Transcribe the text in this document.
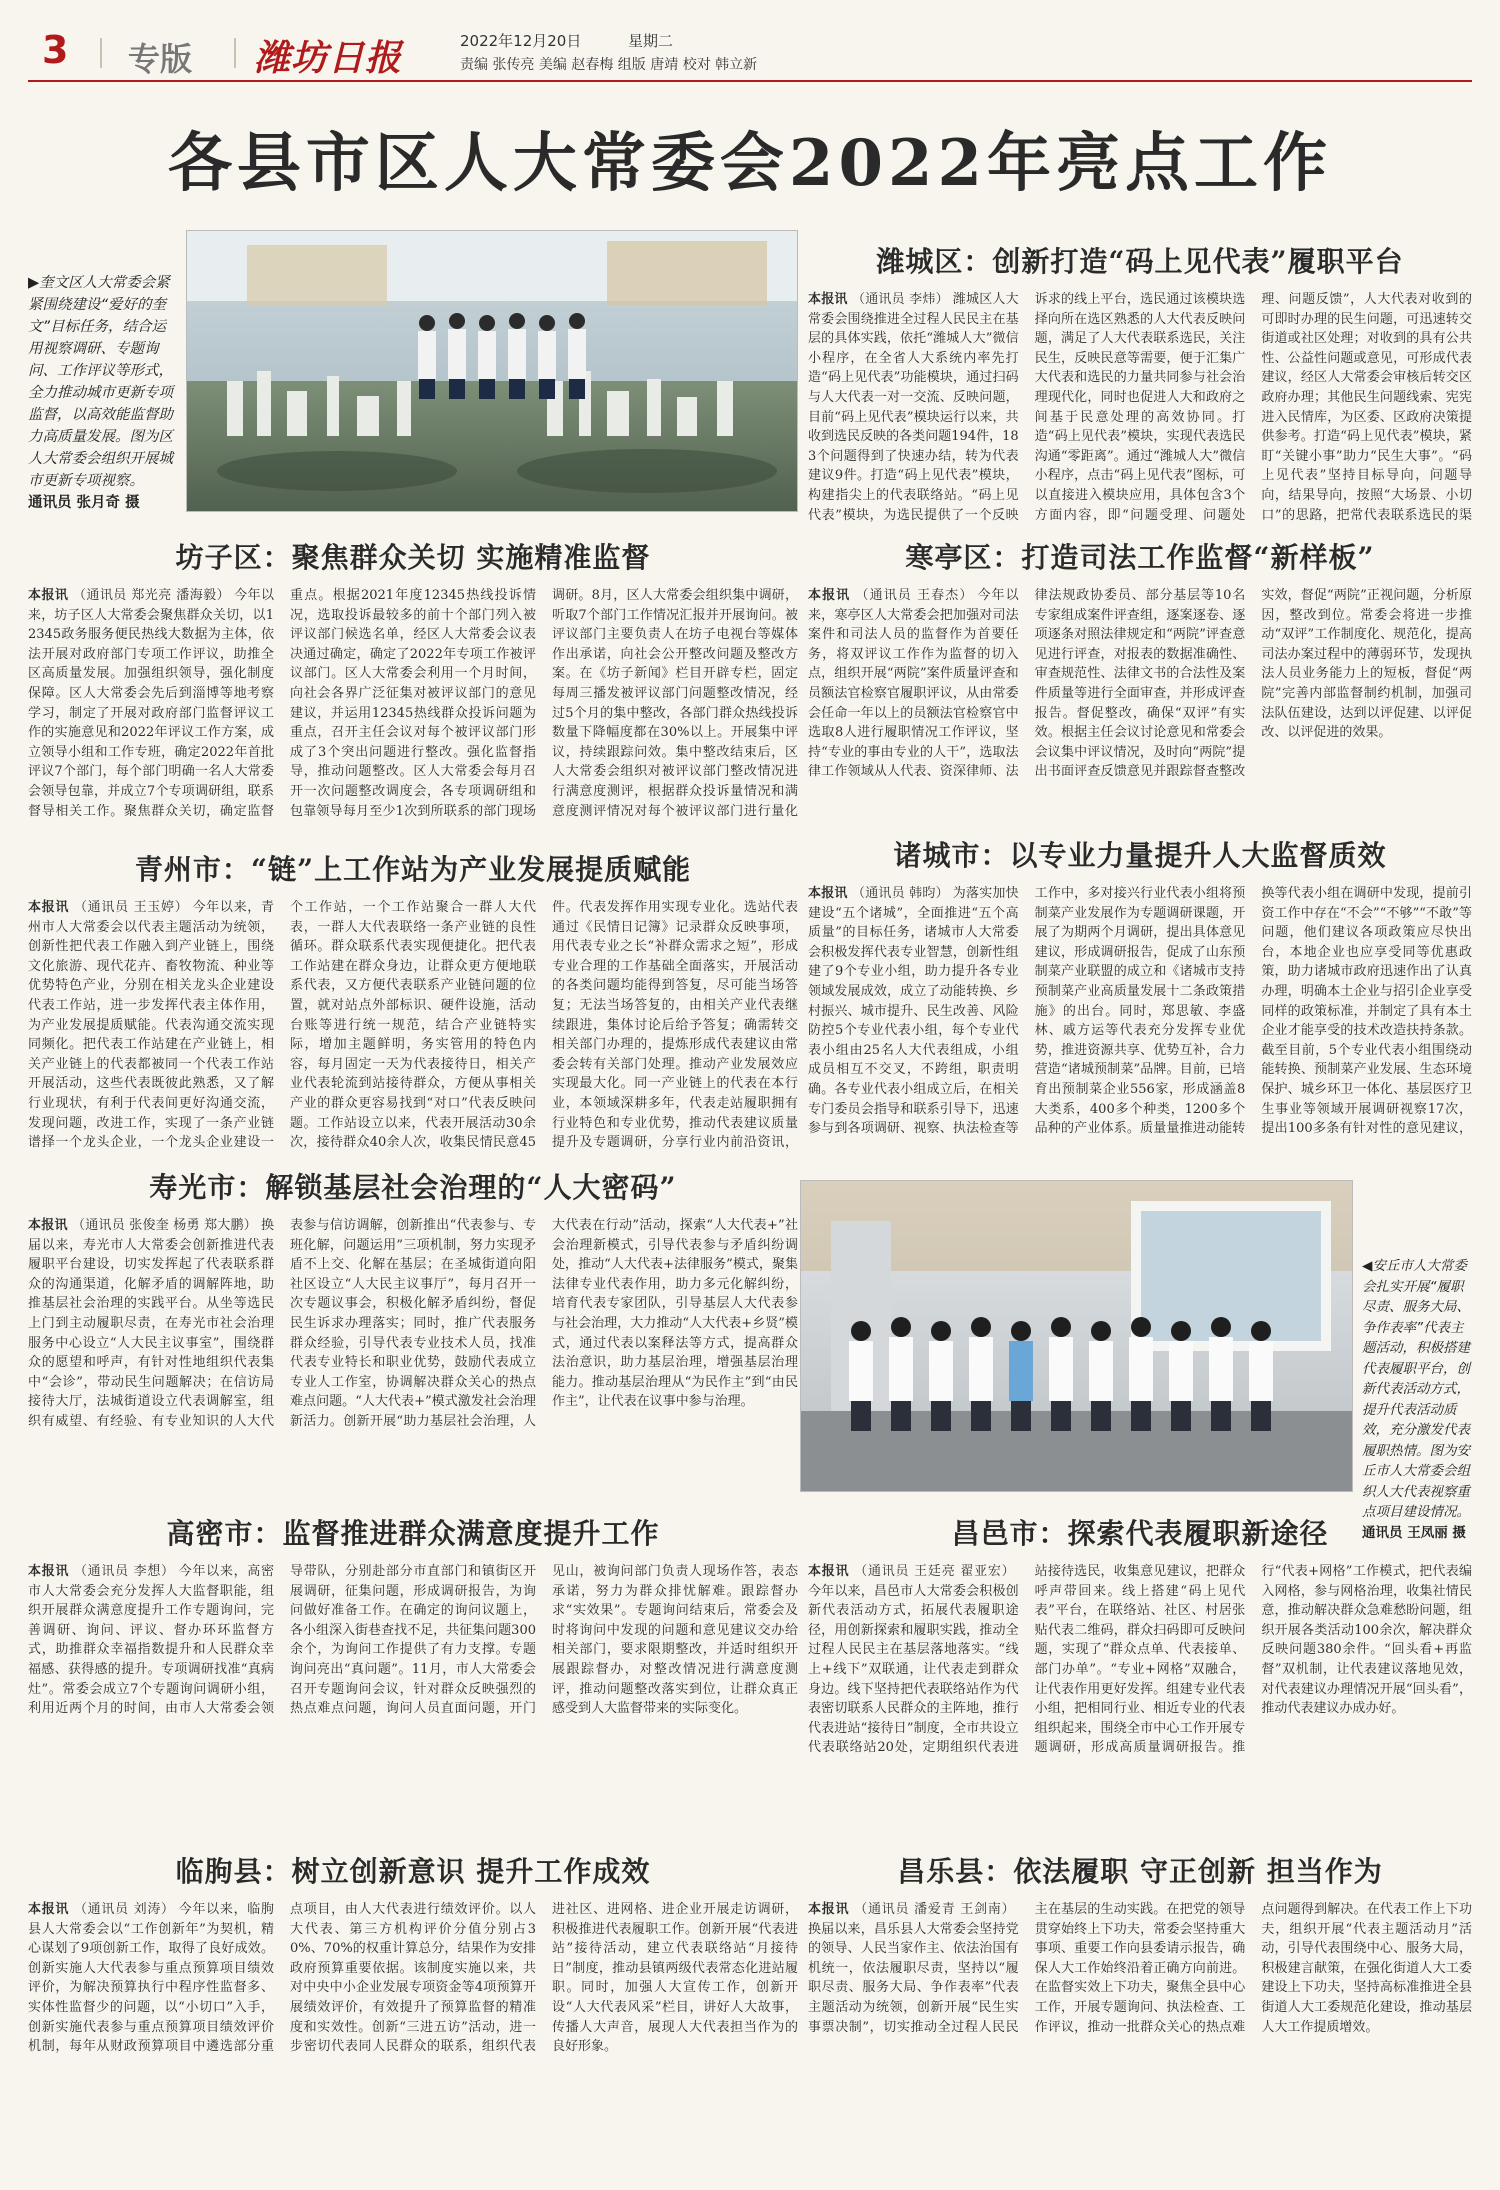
3 专版 潍坊日报	2022年12月20日	星期二
责编 张传亮 美编 赵春梅 组版 唐靖 校对 韩立新
各县市区人大常委会2022年亮点工作
▶奎文区人大常委会紧紧围绕建设“爱好的奎文”目标任务，结合运用视察调研、专题询问、工作评议等形式，全力推动城市更新专项监督，以高效能监督助力高质量发展。图为区人大常委会组织开展城市更新专项视察。
通讯员 张月奇 摄
潍城区：创新打造“码上见代表”履职平台
本报讯 （通讯员 李炜） 潍城区人大常委会围绕推进全过程人民民主在基层的具体实践，依托“潍城人大”微信小程序，在全省人大系统内率先打造“码上见代表”功能模块，通过扫码与人大代表一对一交流、反映问题，目前“码上见代表”模块运行以来，共收到选民反映的各类问题194件，183个问题得到了快速办结，转为代表建议9件。打造“码上见代表”模块，构建指尖上的代表联络站。“码上见代表”模块，为选民提供了一个反映诉求的线上平台，选民通过该模块选择向所在选区熟悉的人大代表反映问题，满足了人大代表联系选民，关注民生，反映民意等需要，便于汇集广大代表和选民的力量共同参与社会治理现代化，同时也促进人大和政府之间基于民意处理的高效协同。打造“码上见代表”模块，实现代表选民沟通“零距离”。通过“潍城人大”微信小程序，点击“码上见代表”图标，可以直接进入模块应用，具体包含3个方面内容，即“问题受理、问题处理、问题反馈”，人大代表对收到的可即时办理的民生问题，可迅速转交街道或社区处理；对收到的具有公共性、公益性问题或意见，可形成代表建议，经区人大常委会审核后转交区政府办理；其他民生问题线索、宪宪进入民情库，为区委、区政府决策提供参考。打造“码上见代表”模块，紧盯“关键小事”助力“民生大事”。“码上见代表”坚持目标导向，问题导向，结果导向，按照“大场景、小切口”的思路，把常代表联系选民的渠
坊子区：聚焦群众关切 实施精准监督
本报讯 （通讯员 郑光亮 潘海毅） 今年以来，坊子区人大常委会聚焦群众关切，以12345政务服务便民热线大数据为主体，依法开展对政府部门专项工作评议，助推全区高质量发展。加强组织领导，强化制度保障。区人大常委会先后到淄博等地考察学习，制定了开展对政府部门监督评议工作的实施意见和2022年评议工作方案，成立领导小组和工作专班，确定2022年首批评议7个部门，每个部门明确一名人大常委会领导包靠，并成立7个专项调研组，联系督导相关工作。聚焦群众关切，确定监督重点。根据2021年度12345热线投诉情况，选取投诉最较多的前十个部门列入被评议部门候选名单，经区人大常委会议表决通过确定，确定了2022年专项工作被评议部门。区人大常委会利用一个月时间，向社会各界广泛征集对被评议部门的意见建议，并运用12345热线群众投诉问题为重点，召开主任会议对每个被评议部门形成了3个突出问题进行整改。强化监督指导，推动问题整改。区人大常委会每月召开一次问题整改调度会，各专项调研组和包靠领导每月至少1次到所联系的部门现场调研。8月，区人大常委会组织集中调研，听取7个部门工作情况汇报并开展询问。被评议部门主要负责人在坊子电视台等媒体作出承诺，向社会公开整改问题及整改方案。在《坊子新闻》栏目开辟专栏，固定每周三播发被评议部门问题整改情况，经过5个月的集中整改，各部门群众热线投诉数量下降幅度都在30%以上。开展集中评议，持续跟踪问效。集中整改结束后，区人大常委会组织对被评议部门整改情况进行满意度测评，根据群众投诉量情况和满意度测评情况对每个被评议部门进行量化
寒亭区：打造司法工作监督“新样板”
本报讯 （通讯员 王春杰） 今年以来，寒亭区人大常委会把加强对司法案件和司法人员的监督作为首要任务，将双评议工作作为监督的切入点，组织开展“两院”案件质量评查和员额法官检察官履职评议，从由常委会任命一年以上的员额法官检察官中选取8人进行履职情况工作评议，坚持“专业的事由专业的人干”，选取法律工作领域从人代表、资深律师、法律法规政协委员、部分基层等10名专家组成案件评查组，逐案逐卷、逐项逐条对照法律规定和“两院”评查意见进行评查，对报表的数据准确性、审查规范性、法律文书的合法性及案件质量等进行全面审查，并形成评查报告。督促整改，确保“双评”有实效。根据主任会议讨论意见和常委会会议集中评议情况，及时向“两院”提出书面评查反馈意见并跟踪督查整改实效，督促“两院”正视问题，分析原因，整改到位。常委会将进一步推动“双评”工作制度化、规范化，提高司法办案过程中的薄弱环节，发现执法人员业务能力上的短板，督促“两院”完善内部监督制约机制，加强司法队伍建设，达到以评促建、以评促改、以评促进的效果。
青州市：“链”上工作站为产业发展提质赋能
本报讯 （通讯员 王玉婷） 今年以来，青州市人大常委会以代表主题活动为统领，创新性把代表工作融入到产业链上，围绕文化旅游、现代花卉、畜牧物流、种业等优势特色产业，分别在相关龙头企业建设代表工作站，进一步发挥代表主体作用，为产业发展提质赋能。代表沟通交流实现同频化。把代表工作站建在产业链上，相关产业链上的代表都被同一个代表工作站开展活动，这些代表既彼此熟悉，又了解行业现状，有利于代表间更好沟通交流，发现问题，改进工作，实现了一条产业链谱择一个龙头企业，一个龙头企业建设一个工作站，一个工作站聚合一群人大代表，一群人大代表联络一条产业链的良性循环。群众联系代表实现便捷化。把代表工作站建在群众身边，让群众更方便地联系代表，又方便代表联系产业链问题的位置，就对站点外部标识、硬件设施，活动台账等进行统一规范，结合产业链特实际，增加主题鲜明，务实管用的特色内容，每月固定一天为代表接待日，相关产业代表轮流到站接待群众，方便从事相关产业的群众更容易找到“对口”代表反映问题。工作站设立以来，代表开展活动30余次，接待群众40余人次，收集民情民意45件。代表发挥作用实现专业化。选站代表通过《民情日记簿》记录群众反映事项，用代表专业之长“补群众需求之短”，形成专业合理的工作基础全面落实，开展活动的各类问题均能得到答复，尽可能当场答复；无法当场答复的，由相关产业代表继续跟进，集体讨论后给予答复；确需转交相关部门办理的，提炼形成代表建议由常委会转有关部门处理。推动产业发展效应实现最大化。同一产业链上的代表在本行业，本领域深耕多年，代表走站履职拥有行业特色和专业优势，推动代表建议质量提升及专题调研，分享行业内前沿资讯，
诸城市：以专业力量提升人大监督质效
本报讯 （通讯员 韩昀） 为落实加快建设“五个诸城”，全面推进“五个高质量”的目标任务，诸城市人大常委会积极发挥代表专业智慧，创新性组建了9个专业小组，助力提升各专业领域发展成效，成立了动能转换、乡村振兴、城市提升、民生改善、风险防控5个专业代表小组，每个专业代表小组由25名人大代表组成，小组成员相互不交叉，不跨组，职责明确。各专业代表小组成立后，在相关专门委员会指导和联系引导下，迅速参与到各项调研、视察、执法检查等工作中，多对接兴行业代表小组将预制菜产业发展作为专题调研课题，开展了为期两个月调研，提出具体意见建议，形成调研报告，促成了山东预制菜产业联盟的成立和《诸城市支持预制菜产业高质量发展十二条政策措施》的出台。同时，郑思敏、李盛林、戚方运等代表充分发挥专业优势，推进资源共享、优势互补，合力营造“诸城预制菜”品牌。目前，已培育出预制菜企业556家，形成涵盖8大类系，400多个种类，1200多个品种的产业体系。质量量推进动能转换等代表小组在调研中发现，提前引资工作中存在“不会”“不够”“不敢”等问题，他们建议各项政策应尽快出台，本地企业也应享受同等优惠政策，助力诸城市政府迅速作出了认真办理，明确本土企业与招引企业享受同样的政策标准，并制定了具有本土企业才能享受的技术改造扶持条款。截至目前，5个专业代表小组围绕动能转换、预制菜产业发展、生态环境保护、城乡环卫一体化、基层医疗卫生事业等领域开展调研视察17次，提出100多条有针对性的意见建议，
寿光市：解锁基层社会治理的“人大密码”
本报讯 （通讯员 张俊奎 杨勇 郑大鹏） 换届以来，寿光市人大常委会创新推进代表履职平台建设，切实发挥起了代表联系群众的沟通渠道，化解矛盾的调解阵地，助推基层社会治理的实践平台。从坐等选民上门到主动履职尽责，在寿光市社会治理服务中心设立“人大民主议事室”，围绕群众的愿望和呼声，有针对性地组织代表集中“会诊”，带动民生问题解决；在信访局接待大厅，法城街道设立代表调解室，组织有威望、有经验、有专业知识的人大代表参与信访调解，创新推出“代表参与、专班化解，问题运用”三项机制，努力实现矛盾不上交、化解在基层；在圣城街道向阳社区设立“人大民主议事厅”，每月召开一次专题议事会，积极化解矛盾纠纷，督促民生诉求办理落实；同时，推广代表服务群众经验，引导代表专业技术人员，找准代表专业特长和职业优势，鼓励代表成立专业人工作室，协调解决群众关心的热点难点问题。“人大代表+”模式激发社会治理新活力。创新开展“助力基层社会治理，人大代表在行动”活动，探索“人大代表+”社会治理新模式，引导代表参与矛盾纠纷调处，推动“人大代表+法律服务”模式，聚集法律专业代表作用，助力多元化解纠纷，培育代表专家团队，引导基层人大代表参与社会治理，大力推动“人大代表+乡贤”模式，通过代表以案释法等方式，提高群众法治意识，助力基层治理，增强基层治理能力。推动基层治理从“为民作主”到“由民作主”，让代表在议事中参与治理。
◀安丘市人大常委会扎实开展“履职尽责、服务大局、争作表率”代表主题活动，积极搭建代表履职平台，创新代表活动方式，提升代表活动质效，充分激发代表履职热情。图为安丘市人大常委会组织人大代表视察重点项目建设情况。
通讯员 王凤丽 摄
高密市：监督推进群众满意度提升工作
本报讯 （通讯员 李想） 今年以来，高密市人大常委会充分发挥人大监督职能，组织开展群众满意度提升工作专题询问，完善调研、询问、评议、督办环环监督方式，助推群众幸福指数提升和人民群众幸福感、获得感的提升。专项调研找准“真病灶”。常委会成立7个专题询问调研小组，利用近两个月的时间，由市人大常委会领导带队，分别赴部分市直部门和镇街区开展调研，征集问题，形成调研报告，为询问做好准备工作。在确定的询问议题上，各小组深入街巷查找不足，共征集问题300余个，为询问工作提供了有力支撑。专题询问亮出“真问题”。11月，市人大常委会召开专题询问会议，针对群众反映强烈的热点难点问题，询问人员直面问题，开门见山，被询问部门负责人现场作答，表态承诺，努力为群众排忧解难。跟踪督办求“实效果”。专题询问结束后，常委会及时将询问中发现的问题和意见建议交办给相关部门，要求限期整改，并适时组织开展跟踪督办，对整改情况进行满意度测评，推动问题整改落实到位，让群众真正感受到人大监督带来的实际变化。
昌邑市：探索代表履职新途径
本报讯 （通讯员 王廷亮 翟亚宏）今年以来，昌邑市人大常委会积极创新代表活动方式，拓展代表履职途径，用创新探索和履职实践，推动全过程人民民主在基层落地落实。“线上+线下”双联通，让代表走到群众身边。线下坚持把代表联络站作为代表密切联系人民群众的主阵地，推行代表进站“接待日”制度，全市共设立代表联络站20处，定期组织代表进站接待选民，收集意见建议，把群众呼声带回来。线上搭建“码上见代表”平台，在联络站、社区、村居张贴代表二维码，群众扫码即可反映问题，实现了“群众点单、代表接单、部门办单”。“专业+网格”双融合，让代表作用更好发挥。组建专业代表小组，把相同行业、相近专业的代表组织起来，围绕全市中心工作开展专题调研，形成高质量调研报告。推行“代表+网格”工作模式，把代表编入网格，参与网格治理，收集社情民意，推动解决群众急难愁盼问题，组织开展各类活动100余次，解决群众反映问题380余件。“回头看+再监督”双机制，让代表建议落地见效，对代表建议办理情况开展“回头看”，推动代表建议办成办好。
临朐县：树立创新意识 提升工作成效
本报讯 （通讯员 刘涛） 今年以来，临朐县人大常委会以“工作创新年”为契机，精心谋划了9项创新工作，取得了良好成效。创新实施人大代表参与重点预算项目绩效评价，为解决预算执行中程序性监督多、实体性监督少的问题，以“小切口”入手，创新实施代表参与重点预算项目绩效评价机制，每年从财政预算项目中遴选部分重点项目，由人大代表进行绩效评价。以人大代表、第三方机构评价分值分别占30%、70%的权重计算总分，结果作为安排政府预算重要依据。该制度实施以来，共对中央中小企业发展专项资金等4项预算开展绩效评价，有效提升了预算监督的精准度和实效性。创新“三进五访”活动，进一步密切代表同人民群众的联系，组织代表进社区、进网格、进企业开展走访调研，积极推进代表履职工作。创新开展“代表进站”接待活动，建立代表联络站“月接待日”制度，推动县镇两级代表常态化进站履职。同时，加强人大宣传工作，创新开设“人大代表风采”栏目，讲好人大故事，传播人大声音，展现人大代表担当作为的良好形象。
昌乐县：依法履职 守正创新 担当作为
本报讯 （通讯员 潘爱青 王剑南）换届以来，昌乐县人大常委会坚持党的领导、人民当家作主、依法治国有机统一，依法履职尽责，坚持以“履职尽责、服务大局、争作表率”代表主题活动为统领，创新开展“民生实事票决制”，切实推动全过程人民民主在基层的生动实践。在把党的领导贯穿始终上下功夫，常委会坚持重大事项、重要工作向县委请示报告，确保人大工作始终沿着正确方向前进。在监督实效上下功夫，聚焦全县中心工作，开展专题询问、执法检查、工作评议，推动一批群众关心的热点难点问题得到解决。在代表工作上下功夫，组织开展“代表主题活动月”活动，引导代表围绕中心、服务大局，积极建言献策，在强化街道人大工委建设上下功夫，坚持高标准推进全县街道人大工委规范化建设，推动基层人大工作提质增效。
